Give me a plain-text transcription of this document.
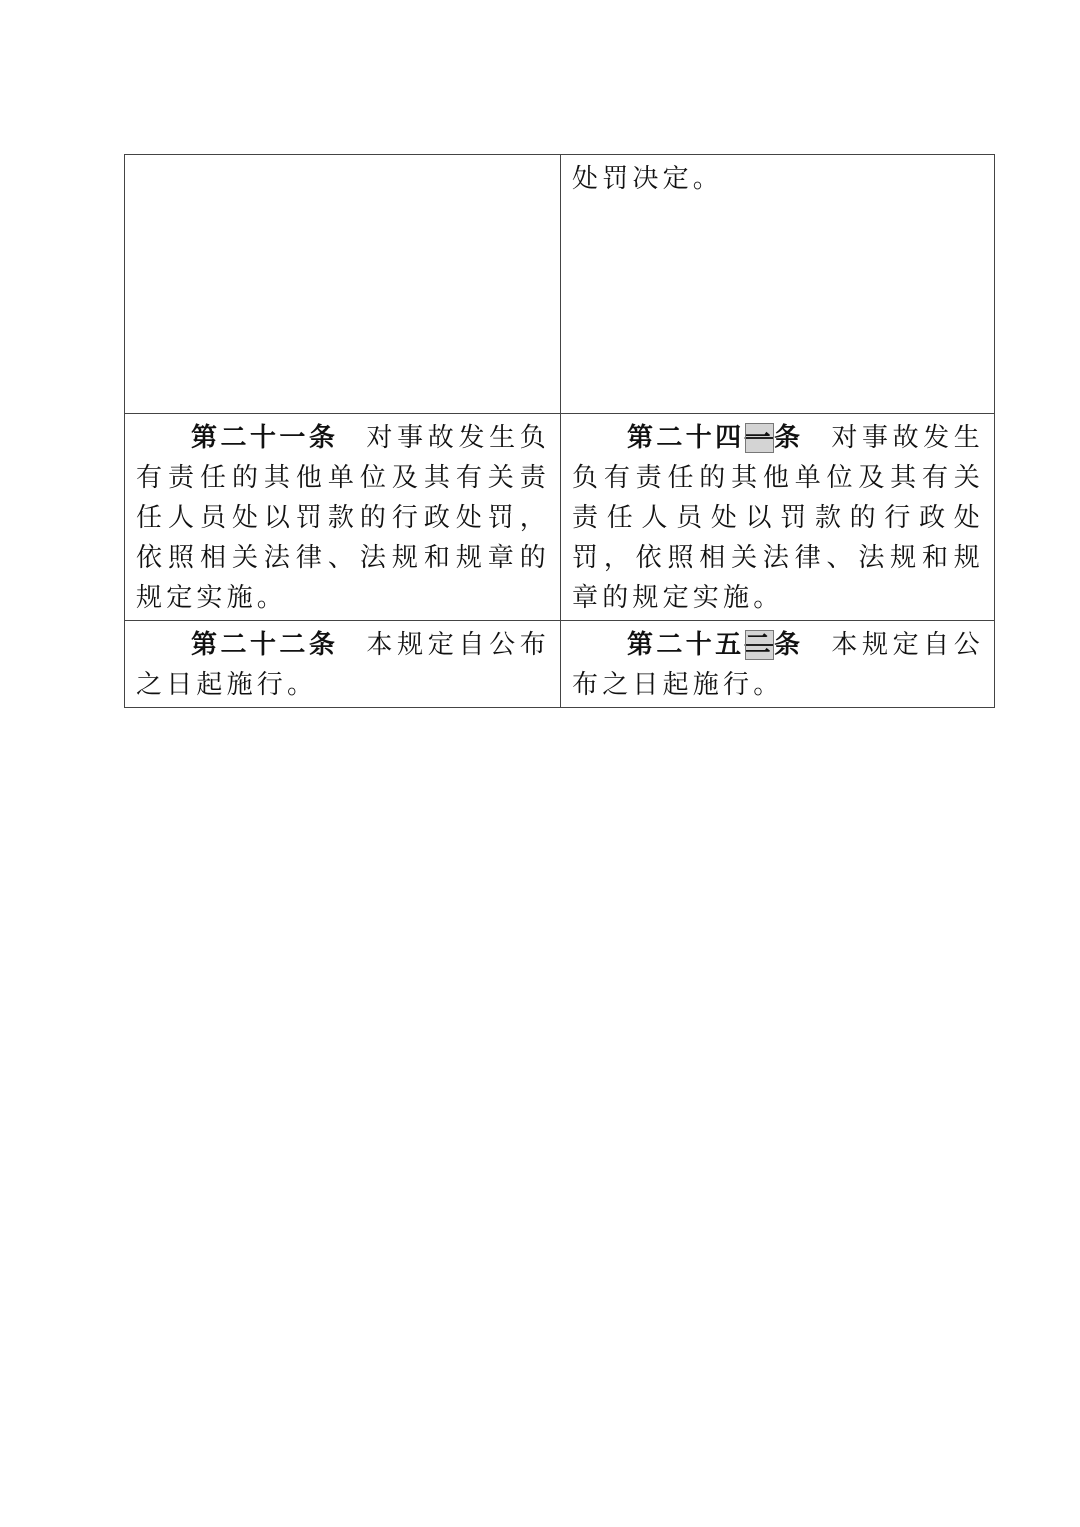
	处罚决定。
第二十一条 对事故发生负有责任的其他单位及其有关责任人员处以罚款的行政处罚，依照相关法律、法规和规章的规定实施。	第二十四一条 对事故发生负有责任的其他单位及其有关责任人员处以罚款的行政处罚，依照相关法律、法规和规章的规定实施。
第二十二条 本规定自公布之日起施行。	第二十五二条 本规定自公布之日起施行。
